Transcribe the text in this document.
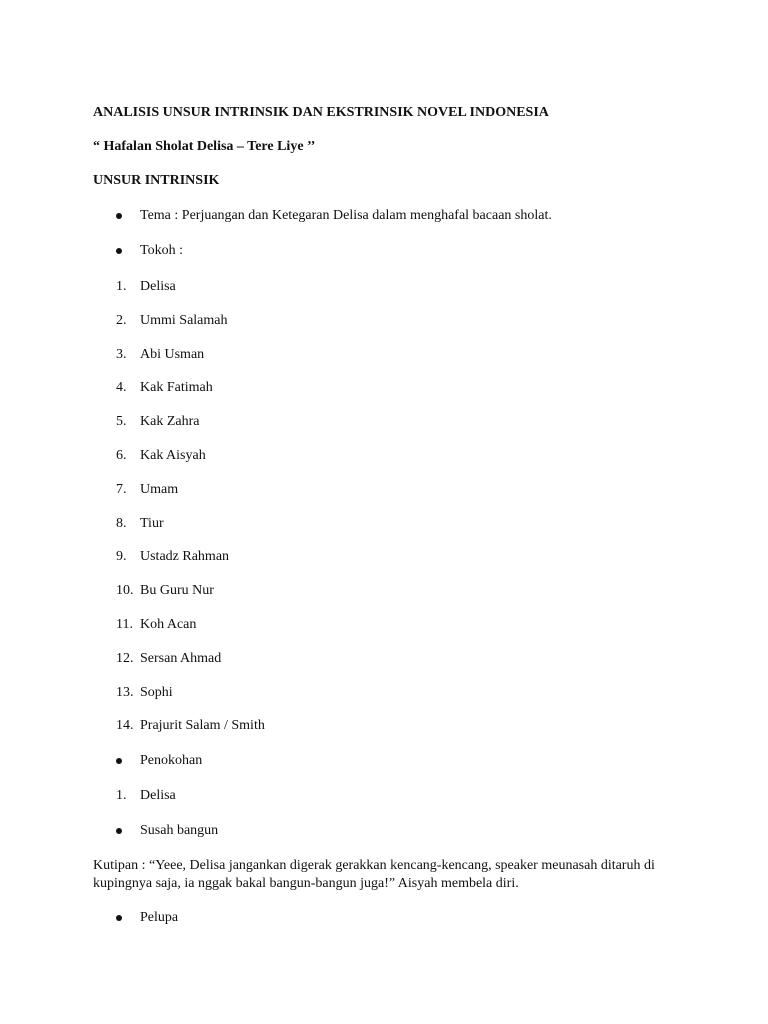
ANALISIS UNSUR INTRINSIK DAN EKSTRINSIK NOVEL INDONESIA
“ Hafalan Sholat Delisa – Tere Liye ’’
UNSUR INTRINSIK
Tema : Perjuangan dan Ketegaran Delisa dalam menghafal bacaan sholat.
Tokoh :
1. Delisa
2. Ummi Salamah
3. Abi Usman
4. Kak Fatimah
5. Kak Zahra
6. Kak Aisyah
7. Umam
8. Tiur
9. Ustadz Rahman
10. Bu Guru Nur
11. Koh Acan
12. Sersan Ahmad
13. Sophi
14. Prajurit Salam / Smith
Penokohan
1. Delisa
Susah bangun
Kutipan : “Yeee, Delisa jangankan digerak gerakkan kencang-kencang, speaker meunasah ditaruh di kupingnya saja, ia nggak bakal bangun-bangun juga!” Aisyah membela diri.
Pelupa
